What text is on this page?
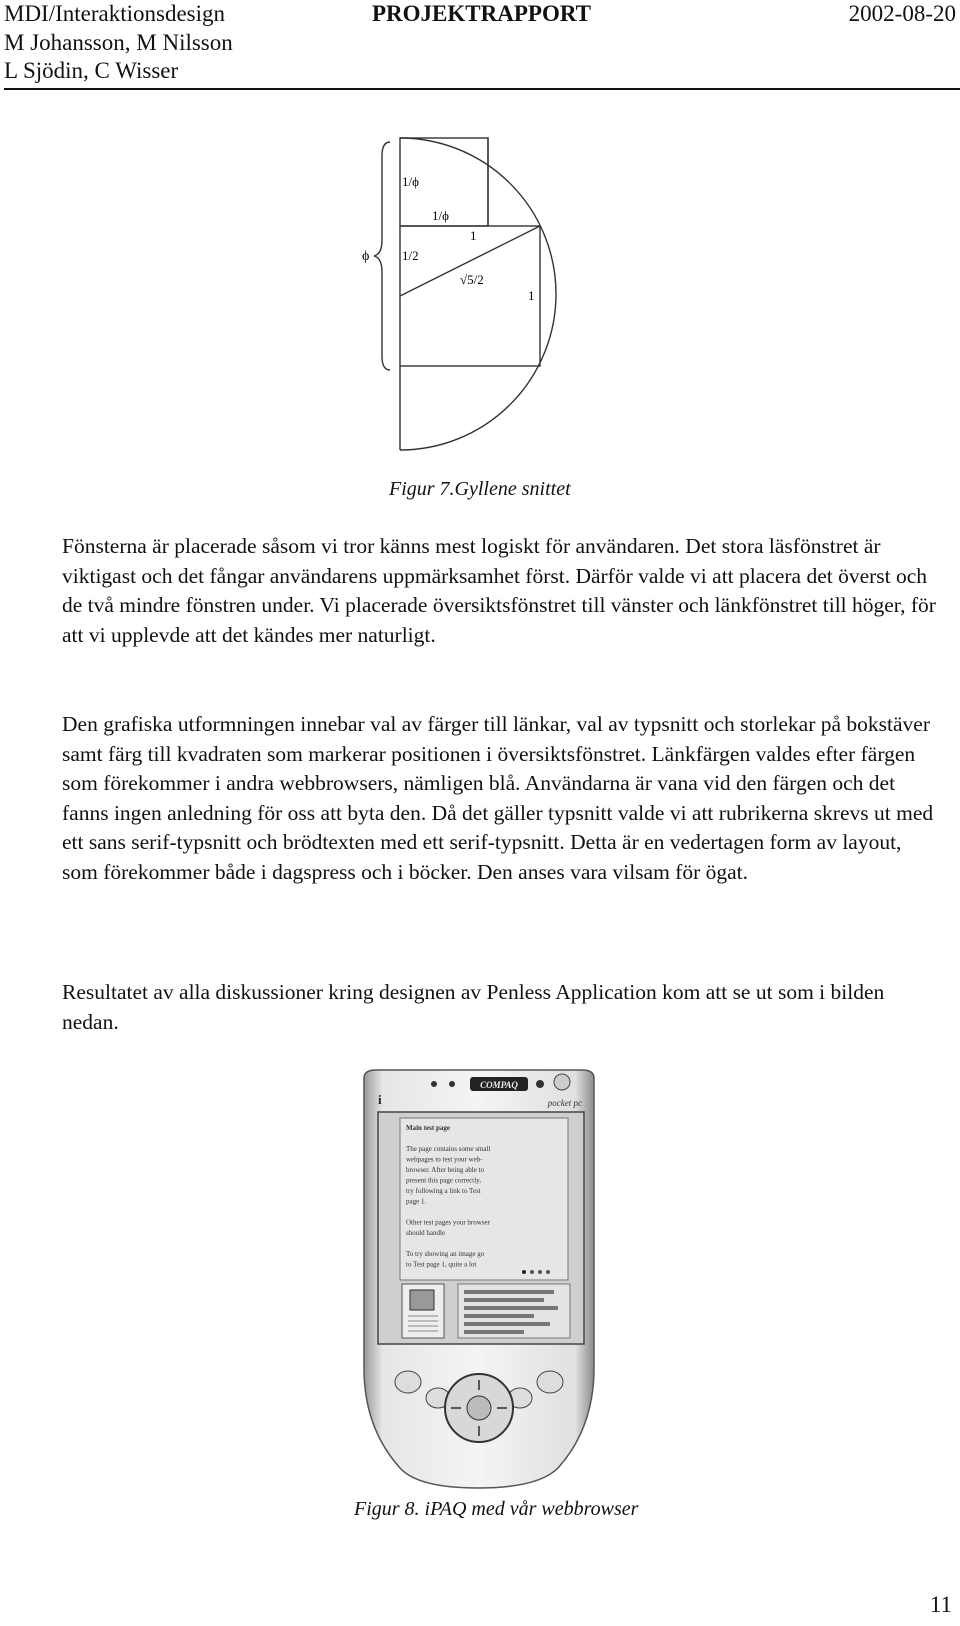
MDI/Interaktionsdesign	PROJEKTRAPPORT	2002-08-20
M Johansson, M Nilsson
L Sjödin, C Wisser
ϕ
1/ϕ
1/ϕ
1
1/2
√5/2
1
Figur 7.Gyllene snittet

Fönsterna är placerade såsom vi tror känns mest logiskt för användaren. Det stora läsfönstret är viktigast och det fångar användarens uppmärksamhet först. Därför valde vi att placera det överst och de två mindre fönstren under. Vi placerade översiktsfönstret till vänster och länkfönstret till höger, för att vi upplevde att det kändes mer naturligt.

Den grafiska utformningen innebar val av färger till länkar, val av typsnitt och storlekar på bokstäver samt färg till kvadraten som markerar positionen i översiktsfönstret. Länkfärgen valdes efter färgen som förekommer i andra webbrowsers, nämligen blå. Användarna är vana vid den färgen och det fanns ingen anledning för oss att byta den. Då det gäller typsnitt valde vi att rubrikerna skrevs ut med ett sans serif-typsnitt och brödtexten med ett serif-typsnitt. Detta är en vedertagen form av layout, som förekommer både i dagspress och i böcker. Den anses vara vilsam för ögat.

Resultatet av alla diskussioner kring designen av Penless Application kom att se ut som i bilden nedan.

COMPAQ
i	pocket pc
Main test page
The page contains some small
webpages to test your web-
browser. After being able to
present this page correctly,
try following a link to Test
page 1.
Other test pages your browser
should handle
To try showing an image go
to Test page 1, quite a lot
Figur 8. iPAQ med vår webbrowser
11
